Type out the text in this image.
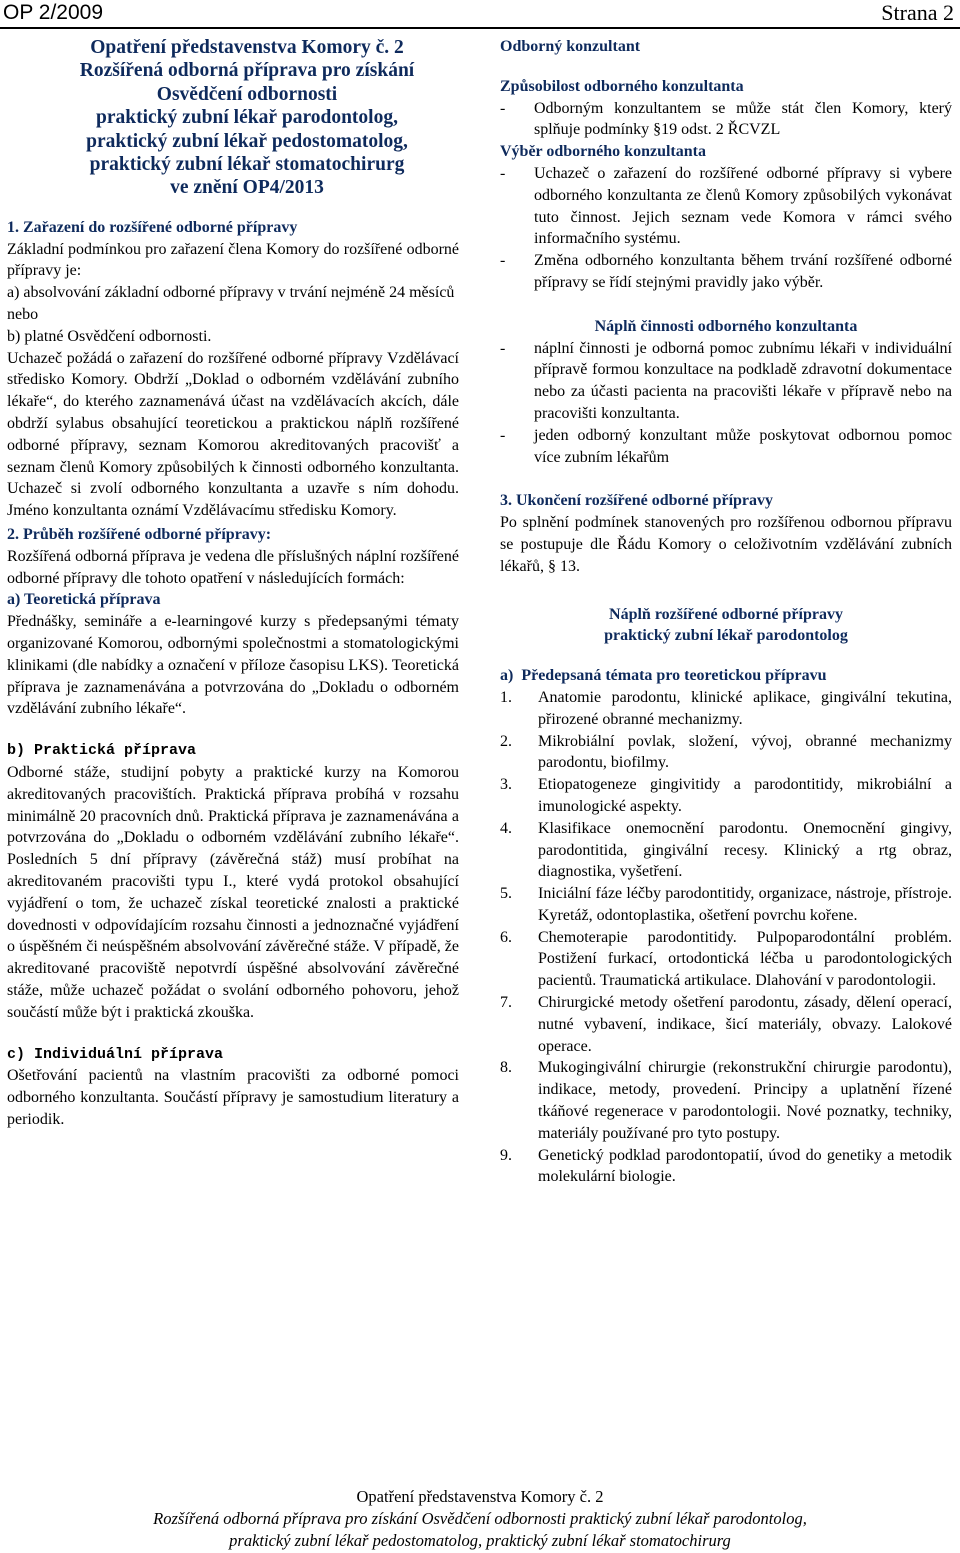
OP 2/2009	Strana 2
Opatření představenstva Komory č. 2
Rozšířená odborná příprava pro získání
Osvědčení odbornosti
praktický zubní lékař parodontolog,
praktický zubní lékař pedostomatolog,
praktický zubní lékař stomatochirurg
ve znění OP4/2013

1. Zařazení do rozšířené odborné přípravy

Základní podmínkou pro zařazení člena Komory do rozšířené odborné přípravy je:

a) absolvování základní odborné přípravy v trvání nejméně 24 měsíců

nebo

b) platné Osvědčení odbornosti.

Uchazeč požádá o zařazení do rozšířené odborné přípravy Vzdělávací středisko Komory. Obdrží „Doklad o odborném vzdělávání zubního lékaře“, do kterého zaznamenává účast na vzdělávacích akcích, dále obdrží sylabus obsahující teoretickou a praktickou náplň rozšířené odborné přípravy, seznam Komorou akreditovaných pracovišť a seznam členů Komory způsobilých k činnosti odborného konzultanta. Uchazeč si zvolí odborného konzultanta a uzavře s ním dohodu. Jméno konzultanta oznámí Vzdělávacímu středisku Komory.

2. Průběh rozšířené odborné přípravy:

Rozšířená odborná příprava je vedena dle příslušných náplní rozšířené odborné přípravy dle tohoto opatření v následujících formách:

a) Teoretická příprava

Přednášky, semináře a e-learningové kurzy s předepsanými tématy organizované Komorou, odbornými společnostmi a stomatologickými klinikami (dle nabídky a označení v příloze časopisu LKS). Teoretická příprava je zaznamenávána a potvrzována do „Dokladu o odborném vzdělávání zubního lékaře“.

b) Praktická příprava

Odborné stáže, studijní pobyty a praktické kurzy na Komorou akreditovaných pracovištích. Praktická příprava probíhá v rozsahu minimálně 20 pracovních dnů. Praktická příprava je zaznamenávána a potvrzována do „Dokladu o odborném vzdělávání zubního lékaře“. Posledních 5 dní přípravy (závěrečná stáž) musí probíhat na akreditovaném pracovišti typu I., které vydá protokol obsahující vyjádření o tom, že uchazeč získal teoretické znalosti a praktické dovednosti v odpovídajícím rozsahu činnosti a jednoznačné vyjádření o úspěšném či neúspěšném absolvování závěrečné stáže. V případě, že akreditované pracoviště nepotvrdí úspěšné absolvování závěrečné stáže, může uchazeč požádat o svolání odborného pohovoru, jehož součástí může být i praktická zkouška.

c) Individuální příprava

Ošetřování pacientů na vlastním pracovišti za odborné pomoci odborného konzultanta. Součástí přípravy je samostudium literatury a periodik.

Odborný konzultant

Způsobilost odborného konzultanta

-	Odborným konzultantem se může stát člen Komory, který splňuje podmínky §19 odst. 2 ŘCVZL

Výběr odborného konzultanta

-	Uchazeč o zařazení do rozšířené odborné přípravy si vybere odborného konzultanta ze členů Komory způsobilých vykonávat tuto činnost. Jejich seznam vede Komora v rámci svého informačního systému.
-	Změna odborného konzultanta během trvání rozšířené odborné přípravy se řídí stejnými pravidly jako výběr.

Náplň činnosti odborného konzultanta

-	náplní činnosti je odborná pomoc zubnímu lékaři v individuální přípravě formou konzultace na podkladě zdravotní dokumentace nebo za účasti pacienta na pracovišti lékaře v přípravě nebo na pracovišti konzultanta.
-	jeden odborný konzultant může poskytovat odbornou pomoc více zubním lékařům

3. Ukončení rozšířené odborné přípravy

Po splnění podmínek stanovených pro rozšířenou odbornou přípravu se postupuje dle Řádu Komory o celoživotním vzdělávání zubních lékařů, § 13.

Náplň rozšířené odborné přípravy

praktický zubní lékař parodontolog

a)  Předepsaná témata pro teoretickou přípravu

1.	Anatomie parodontu, klinické aplikace, gingivální tekutina, přirozené obranné mechanizmy.
2.	Mikrobiální povlak, složení, vývoj, obranné mechanizmy parodontu, biofilmy.
3.	Etiopatogeneze gingivitidy a parodontitidy, mikrobiální a imunologické aspekty.
4.	Klasifikace onemocnění parodontu. Onemocnění gingivy, parodontitida, gingivální recesy. Klinický a rtg obraz, diagnostika, vyšetření.
5.	Iniciální fáze léčby parodontitidy, organizace, nástroje, přístroje. Kyretáž, odontoplastika, ošetření povrchu kořene.
6.	Chemoterapie parodontitidy. Pulpoparodontální problém. Postižení furkací, ortodontická léčba u parodontologických pacientů. Traumatická artikulace. Dlahování v parodontologii.
7.	Chirurgické metody ošetření parodontu, zásady, dělení operací, nutné vybavení, indikace, šicí materiály, obvazy. Lalokové operace.
8.	Mukogingivální chirurgie (rekonstrukční chirurgie parodontu), indikace, metody, provedení. Principy a uplatnění řízené tkáňové regenerace v parodontologii. Nové poznatky, techniky, materiály používané pro tyto postupy.
9.	Genetický podklad parodontopatií, úvod do genetiky a metodik molekulární biologie.
Opatření představenstva Komory č. 2
Rozšířená odborná příprava pro získání Osvědčení odbornosti praktický zubní lékař parodontolog,
praktický zubní lékař pedostomatolog, praktický zubní lékař stomatochirurg
